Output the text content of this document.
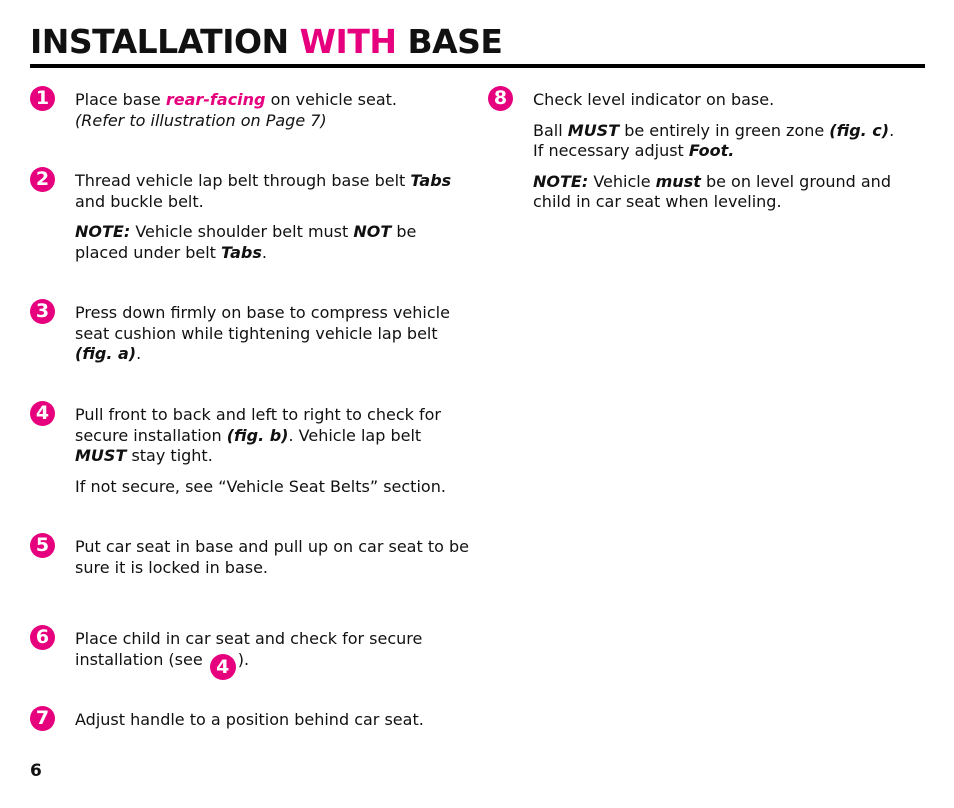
INSTALLATION WITH BASE
1	Place base rear-facing on vehicle seat.
(Refer to illustration on Page 7)

2	Thread vehicle lap belt through base belt Tabs and buckle belt.

NOTE: Vehicle shoulder belt must NOT be placed under belt Tabs.

3	Press down firmly on base to compress vehicle seat cushion while tightening vehicle lap belt (fig. a).

4	Pull front to back and left to right to check for secure installation (fig. b). Vehicle lap belt MUST stay tight.

If not secure, see “Vehicle Seat Belts” section.

5	Put car seat in base and pull up on car seat to be sure it is locked in base.

6	Place child in car seat and check for secure installation (see 4 ).

7	Adjust handle to a position behind car seat.

8	Check level indicator on base.

Ball MUST be entirely in green zone (fig. c). If necessary adjust Foot.

NOTE: Vehicle must be on level ground and child in car seat when leveling.

6
